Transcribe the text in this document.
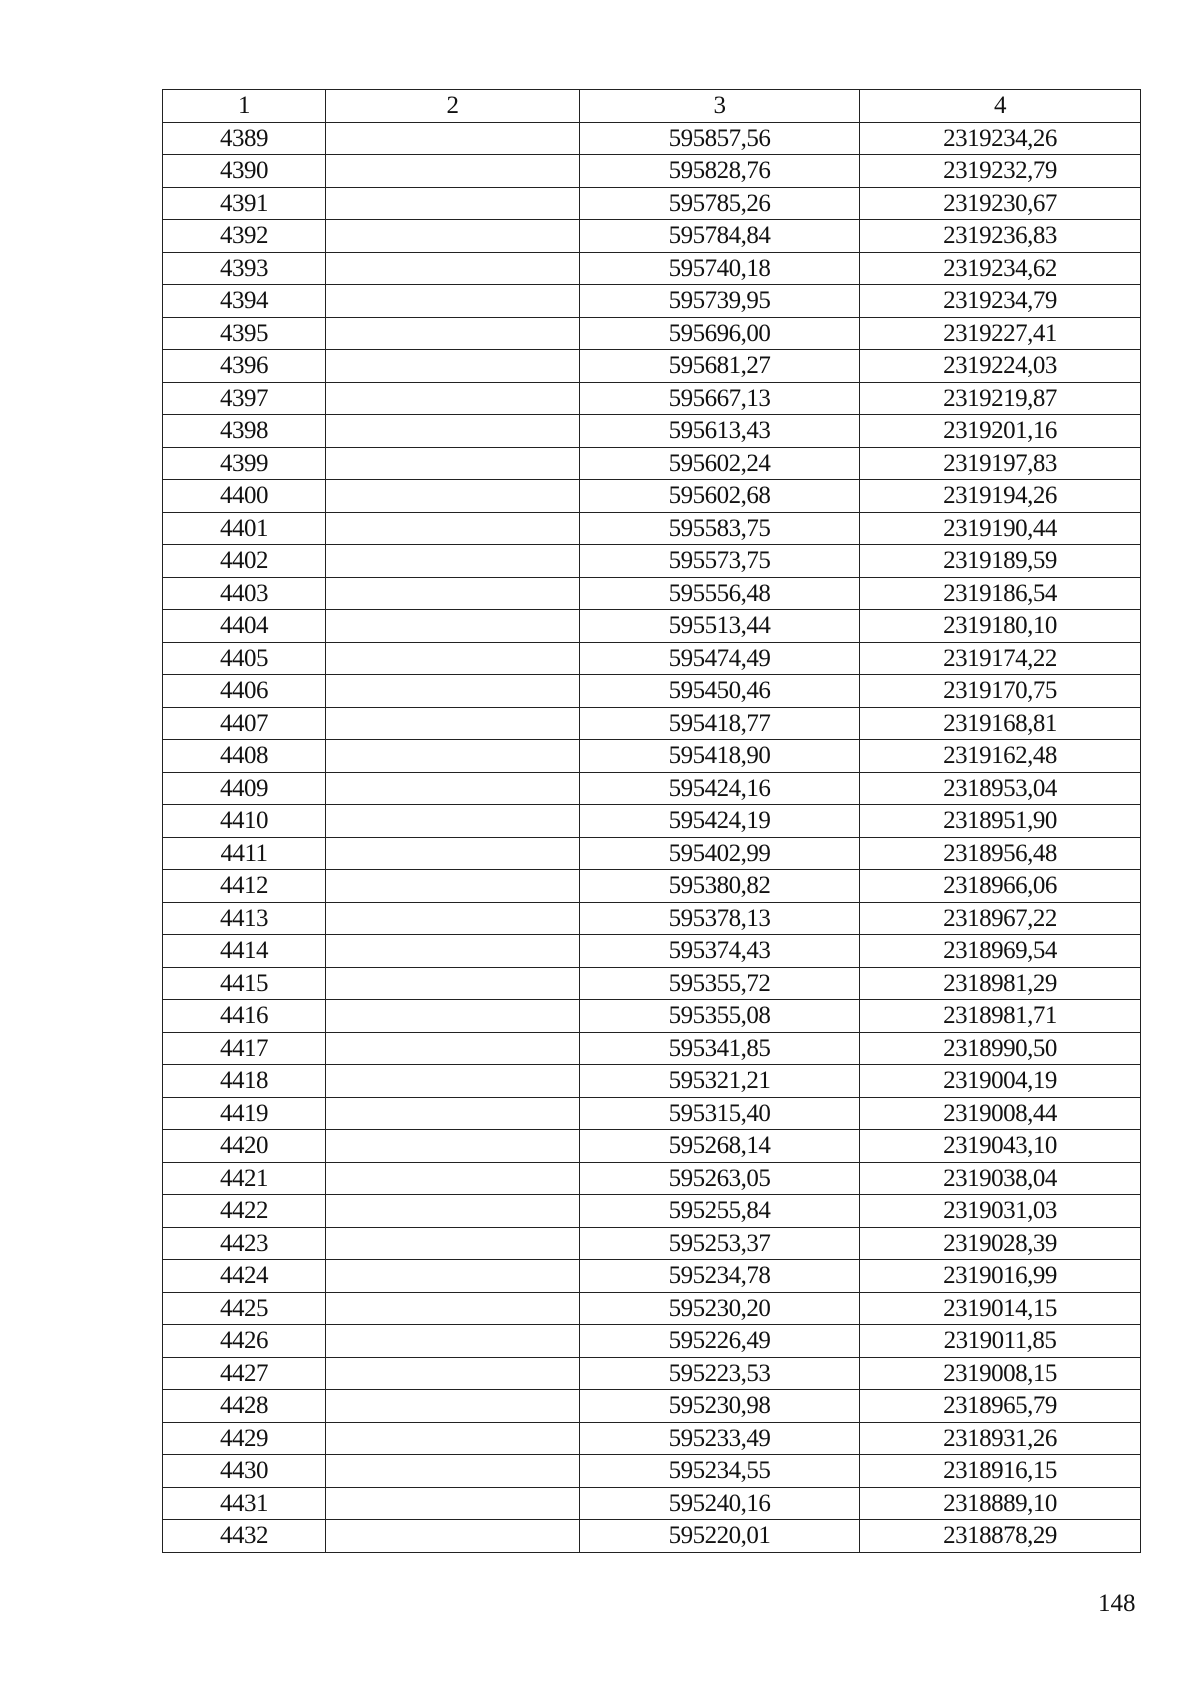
1	2	3	4
4389		595857,56	2319234,26
4390		595828,76	2319232,79
4391		595785,26	2319230,67
4392		595784,84	2319236,83
4393		595740,18	2319234,62
4394		595739,95	2319234,79
4395		595696,00	2319227,41
4396		595681,27	2319224,03
4397		595667,13	2319219,87
4398		595613,43	2319201,16
4399		595602,24	2319197,83
4400		595602,68	2319194,26
4401		595583,75	2319190,44
4402		595573,75	2319189,59
4403		595556,48	2319186,54
4404		595513,44	2319180,10
4405		595474,49	2319174,22
4406		595450,46	2319170,75
4407		595418,77	2319168,81
4408		595418,90	2319162,48
4409		595424,16	2318953,04
4410		595424,19	2318951,90
4411		595402,99	2318956,48
4412		595380,82	2318966,06
4413		595378,13	2318967,22
4414		595374,43	2318969,54
4415		595355,72	2318981,29
4416		595355,08	2318981,71
4417		595341,85	2318990,50
4418		595321,21	2319004,19
4419		595315,40	2319008,44
4420		595268,14	2319043,10
4421		595263,05	2319038,04
4422		595255,84	2319031,03
4423		595253,37	2319028,39
4424		595234,78	2319016,99
4425		595230,20	2319014,15
4426		595226,49	2319011,85
4427		595223,53	2319008,15
4428		595230,98	2318965,79
4429		595233,49	2318931,26
4430		595234,55	2318916,15
4431		595240,16	2318889,10
4432		595220,01	2318878,29
148
